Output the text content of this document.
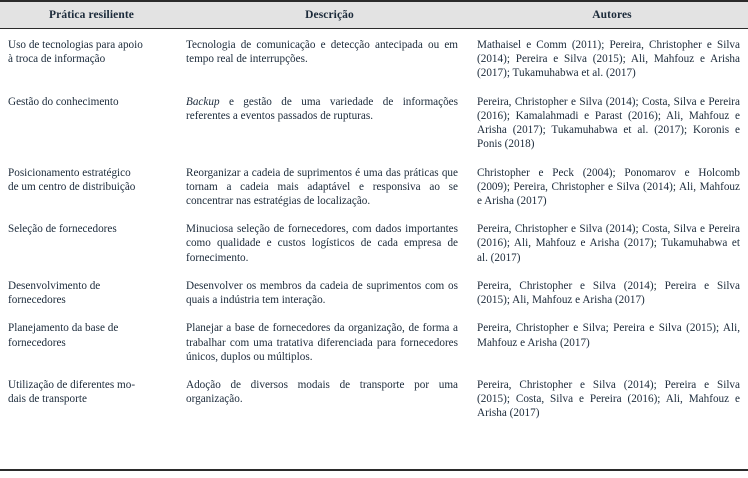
Prática resiliente	Descrição	Autores

Uso de tecnologias para apoio
à troca de informação	Tecnologia de comunicação e detecção antecipada ou em tempo real de interrupções.	Mathaisel e Comm (2011); Pereira, Christopher e Silva (2014); Pereira e Silva (2015); Ali, Mahfouz e Arisha (2017); Tukamuhabwa et al. (2017)

Gestão do conhecimento	Backup e gestão de uma variedade de informações referentes a eventos passados de rupturas.	Pereira, Christopher e Silva (2014); Costa, Silva e Pereira (2016); Kamalahmadi e Parast (2016); Ali, Mahfouz e Arisha (2017); Tukamuhabwa et al. (2017); Koronis e Ponis (2018)

Posicionamento estratégico
de um centro de distribuição	Reorganizar a cadeia de suprimentos é uma das práticas que tornam a cadeia mais adaptável e responsiva ao se concentrar nas estratégias de localização.	Christopher e Peck (2004); Ponomarov e Holcomb (2009); Pereira, Christopher e Silva (2014); Ali, Mahfouz e Arisha (2017)

Seleção de fornecedores	Minuciosa seleção de fornecedores, com dados importantes como qualidade e custos logísticos de cada empresa de fornecimento.	Pereira, Christopher e Silva (2014); Costa, Silva e Pereira (2016); Ali, Mahfouz e Arisha (2017); Tukamuhabwa et al. (2017)

Desenvolvimento de
fornecedores	Desenvolver os membros da cadeia de suprimentos com os quais a indústria tem interação.	Pereira, Christopher e Silva (2014); Pereira e Silva (2015); Ali, Mahfouz e Arisha (2017)

Planejamento da base de
fornecedores	Planejar a base de fornecedores da organização, de forma a trabalhar com uma tratativa diferenciada para fornecedores únicos, duplos ou múltiplos.	Pereira, Christopher e Silva; Pereira e Silva (2015); Ali, Mahfouz e Arisha (2017)

Utilização de diferentes mo-
dais de transporte	Adoção de diversos modais de transporte por uma organização.	Pereira, Christopher e Silva (2014); Pereira e Silva (2015); Costa, Silva e Pereira (2016); Ali, Mahfouz e Arisha (2017)
